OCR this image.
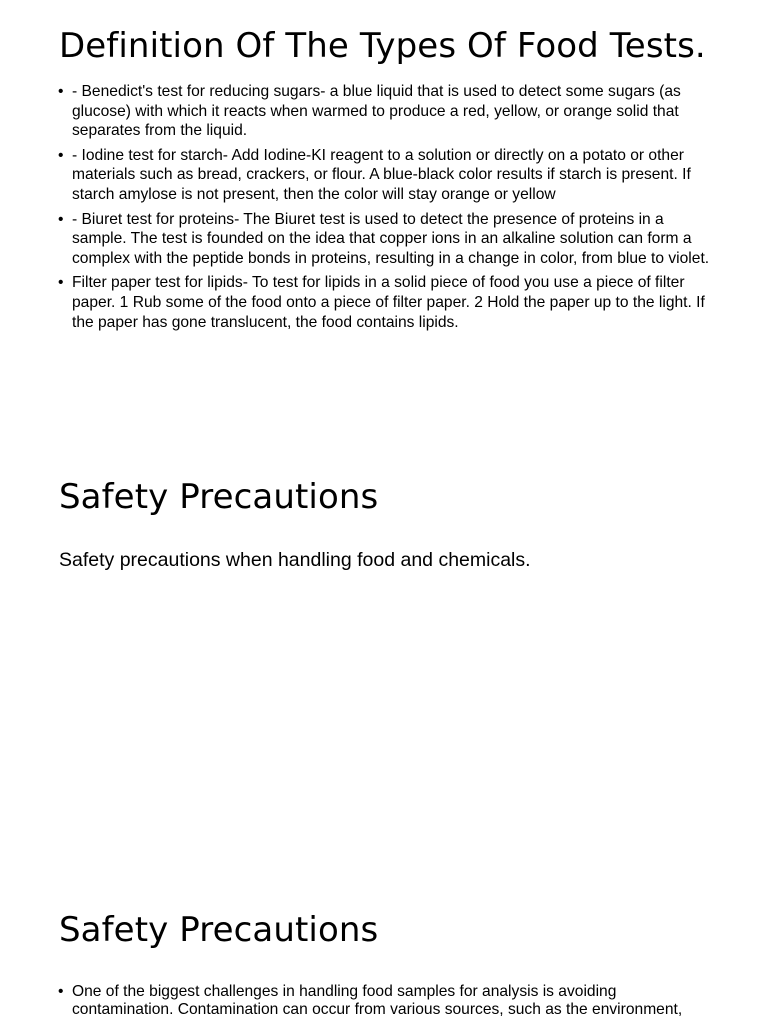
Definition Of The Types Of Food Tests.
• - Benedict's test for reducing sugars- a blue liquid that is used to detect some sugars (as glucose) with which it reacts when warmed to produce a red, yellow, or orange solid that separates from the liquid.
• - Iodine test for starch- Add Iodine-KI reagent to a solution or directly on a potato or other materials such as bread, crackers, or flour. A blue-black color results if starch is present. If starch amylose is not present, then the color will stay orange or yellow
• - Biuret test for proteins- The Biuret test is used to detect the presence of proteins in a sample. The test is founded on the idea that copper ions in an alkaline solution can form a complex with the peptide bonds in proteins, resulting in a change in color, from blue to violet.
• Filter paper test for lipids- To test for lipids in a solid piece of food you use a piece of filter paper. 1 Rub some of the food onto a piece of filter paper. 2 Hold the paper up to the light. If the paper has gone translucent, the food contains lipids.
Safety Precautions

Safety precautions when handling food and chemicals.

Safety Precautions
• One of the biggest challenges in handling food samples for analysis is avoiding contamination. Contamination can occur from various sources, such as the environment,
